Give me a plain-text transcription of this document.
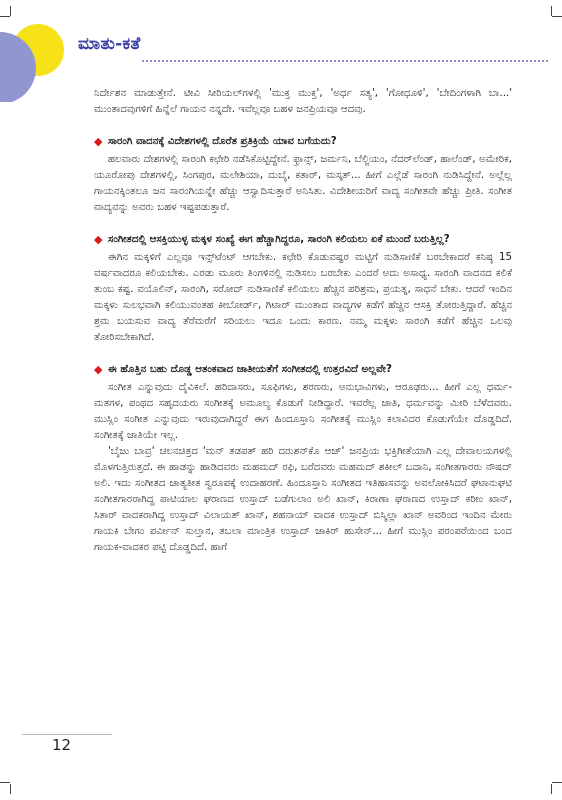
ಮಾತು-ಕತೆ

ನಿರ್ದೇಶನ ಮಾಡುತ್ತೇನೆ. ಟೀವಿ ಸೀರಿಯಲ್‌ಗಳಲ್ಲಿ 'ಮುಕ್ತ ಮುಕ್ತ', 'ಅರ್ಧ ಸತ್ಯ', 'ಗೋಧೂಳಿ', 'ಬೇದಿಂಗಳಾಗಿ ಬಾ...' ಮುಂತಾದವುಗಳಿಗೆ ಹಿನ್ನೆಲೆ ಗಾಯನ ನನ್ನದೇ. ಇವೆಲ್ಲವೂ ಬಹಳ ಜನಪ್ರಿಯವೂ ಆದವು.

◆ ಸಾರಂಗಿ ವಾದನಕ್ಕೆ ವಿದೇಶಗಳಲ್ಲಿ ದೊರೆತ ಪ್ರತಿಕ್ರಿಯೆ ಯಾವ ಬಗೆಯದು?

ಹಲವಾರು ದೇಶಗಳಲ್ಲಿ ಸಾರಂಗಿ ಕಛೇರಿ ನಡೆಸಿಕೊಟ್ಟಿದ್ದೇನೆ. ಫ್ರಾನ್ಸ್, ಜರ್ಮನಿ, ಬೆಲ್ಜಿಯಂ, ನೆದರ್‌ಲೆಂಡ್, ಹಾಲೆಂಡ್, ಅಮೇರಿಕ, ಯೂರೋಪು ದೇಶಗಳಲ್ಲಿ, ಸಿಂಗಪುರ, ಮಲೇಶಿಯಾ, ದುಬೈ, ಕತಾರ್, ಮಸ್ಕತ್... ಹೀಗೆ ಎಲ್ಲೆಡೆ ಸಾರಂಗಿ ನುಡಿಸಿದ್ದೇನೆ. ಅಲ್ಲೆಲ್ಲ ಗಾಯನಕ್ಕಿಂತಲೂ ಜನ ಸಾರಂಗಿಯನ್ನೇ ಹೆಚ್ಚು ಆಸ್ವಾದಿಸುತ್ತಾರೆ ಅನಿಸಿತು. ವಿದೇಶೀಯರಿಗೆ ವಾದ್ಯ ಸಂಗೀತವೇ ಹೆಚ್ಚು ಪ್ರೀತಿ. ಸಂಗೀತ ವಾದ್ಯವನ್ನು ಅವರು ಬಹಳ ಇಷ್ಟಪಡುತ್ತಾರೆ.

◆ ಸಂಗೀತದಲ್ಲಿ ಆಸಕ್ತಿಯುಳ್ಳ ಮಕ್ಕಳ ಸಂಖ್ಯೆ ಈಗ ಹೆಚ್ಚಾಗಿದ್ದರೂ, ಸಾರಂಗಿ ಕಲಿಯಲು ಏಕೆ ಮುಂದೆ ಬರುತ್ತಿಲ್ಲ?

ಈಗಿನ ಮಕ್ಕಳಿಗೆ ಎಲ್ಲವೂ ಇನ್ಸ್‌ಟೆಂಟ್ ಆಗಬೇಕು. ಕಛೇರಿ ಕೊಡುವಷ್ಟರ ಮಟ್ಟಿಗೆ ನುಡಿಸಾಣಿಕೆ ಬರಬೇಕಾದರೆ ಕನಿಷ್ಠ 15 ವರ್ಷವಾದರೂ ಕಲಿಯಬೇಕು. ಎರಡು ಮೂರು ತಿಂಗಳಿನಲ್ಲಿ ನುಡಿಸಲು ಬರಬೇಕು ಎಂದರೆ ಅದು ಅಸಾಧ್ಯ. ಸಾರಂಗಿ ವಾದನದ ಕಲಿಕೆ ತುಂಬ ಕಷ್ಟ. ವಯೊಲಿನ್, ಸಾರಂಗಿ, ಸರೋದ್ ನುಡಿಸಾಣಿಕೆ ಕಲಿಯಲು ಹೆಚ್ಚಿನ ಪರಿಶ್ರಮ, ಪ್ರಯತ್ನ, ಸಾಧನೆ ಬೇಕು. ಆದರೆ ಇಂದಿನ ಮಕ್ಕಳು ಸುಲಭವಾಗಿ ಕಲಿಯುವಂತಹ ಕೀಬೋರ್ಡ್, ಗಿಟಾರ್ ಮುಂತಾದ ವಾದ್ಯಗಳ ಕಡೆಗೆ ಹೆಚ್ಚಿನ ಆಸಕ್ತಿ ತೋರುತ್ತಿದ್ದಾರೆ. ಹೆಚ್ಚಿನ ಶ್ರಮ ಬಯಸುವ ವಾದ್ಯ ತೆರೆಮರೆಗೆ ಸರಿಯಲು ಇದೂ ಒಂದು ಕಾರಣ. ನಮ್ಮ ಮಕ್ಕಳು ಸಾರಂಗಿ ಕಡೆಗೆ ಹೆಚ್ಚಿನ ಒಲವು ತೋರಿಸಬೇಕಾಗಿದೆ.

◆ ಈ ಹೊತ್ತಿನ ಬಹು ದೊಡ್ಡ ಆತಂಕವಾದ ಜಾತೀಯತೆಗೆ ಸಂಗೀತದಲ್ಲಿ ಉತ್ತರವಿದೆ ಅಲ್ಲವೇ?

ಸಂಗೀತ ಎನ್ನುವುದು ದೈವಿಕಲೆ. ಹರಿದಾಸರು, ಸೂಫಿಗಳು, ಶರಣರು, ಅನುಭಾವಿಗಳು, ಆರೂಢರು... ಹೀಗೆ ಎಲ್ಲ ಧರ್ಮ-ಮತಗಳ, ಪಂಥದ ಸಹೃದಯರು ಸಂಗೀತಕ್ಕೆ ಅಮೂಲ್ಯ ಕೊಡುಗೆ ನೀಡಿದ್ದಾರೆ. ಇವರೆಲ್ಲ ಜಾತಿ, ಧರ್ಮವನ್ನು ಮೀರಿ ಬೆಳೆದವರು. ಮುಸ್ಲಿಂ ಸಂಗೀತ ಎನ್ನುವುದು ಇರುವುದಾಗಿದ್ದರೆ ಈಗ ಹಿಂದೂಸ್ತಾನಿ ಸಂಗೀತಕ್ಕೆ ಮುಸ್ಲಿಂ ಕಲಾವಿದರ ಕೊಡುಗೆಯೇ ದೊಡ್ಡದಿದೆ. ಸಂಗೀತಕ್ಕೆ ಜಾತಿಯೇ ಇಲ್ಲ.

'ಬೈಜು ಬಾವ್ರ' ಚಲನಚಿತ್ರದ 'ಮನ್ ತಡಪತ್ ಹರಿ ದರುಶನ್‌ಕೊ ಆಜ್' ಜನಪ್ರಿಯ ಭಕ್ತಿಗೀತೆಯಾಗಿ ಎಲ್ಲ ದೇವಾಲಯಗಳಲ್ಲಿ ಮೊಳಗುತ್ತಿರುತ್ತದೆ. ಈ ಹಾಡನ್ನು ಹಾಡಿದವರು ಮಹಮದ್ ರಫಿ, ಬರೆದವರು ಮಹಮದ್ ಶಕೀಲ್ ಬದಾನಿ, ಸಂಗೀತಗಾರರು ನೌಷದ್ ಅಲಿ. ಇದು ಸಂಗೀತದ ಜಾತ್ಯತೀತ ಸ್ವರೂಪಕ್ಕೆ ಉದಾಹರಣೆ. ಹಿಂದೂಸ್ತಾನಿ ಸಂಗೀತದ ಇತಿಹಾಸವನ್ನು ಅವಲೋಕಿಸಿದರೆ ಘಟಾನುಘಟಿ ಸಂಗೀತಗಾರರಾಗಿದ್ದ ಪಾಟಿಯಾಲ ಘರಾಣದ ಉಸ್ತಾದ್ ಬಡೆಗುಲಾಂ ಅಲಿ ಖಾನ್, ಕಿರಾಣಾ ಘರಾಣದ ಉಸ್ತಾದ್ ಕರೀಂ ಖಾನ್, ಸಿತಾರ್ ವಾದಕರಾಗಿದ್ದ ಉಸ್ತಾದ್ ವಿಲಾಯತ್ ಖಾನ್, ಶಹನಾಯ್ ವಾದಕ ಉಸ್ತಾದ್ ಬಿಸ್ಮಿಲ್ಲಾ ಖಾನ್ ಅವರಿಂದ ಇಂದಿನ ಮೇರು ಗಾಯಕಿ ಬೇಗಂ ಪರ್ವೀನ್ ಸುಲ್ತಾನ, ತಬಲಾ ಮಾಂತ್ರಿಕ ಉಸ್ತಾದ್ ಜಾಕಿರ್ ಹುಸೇನ್... ಹೀಗೆ ಮುಸ್ಲಿಂ ಪರಂಪರೆಯಿಂದ ಬಂದ ಗಾಯಕ-ವಾದಕರ ಪಟ್ಟಿ ದೊಡ್ಡದಿದೆ. ಹಾಗೆ

12
